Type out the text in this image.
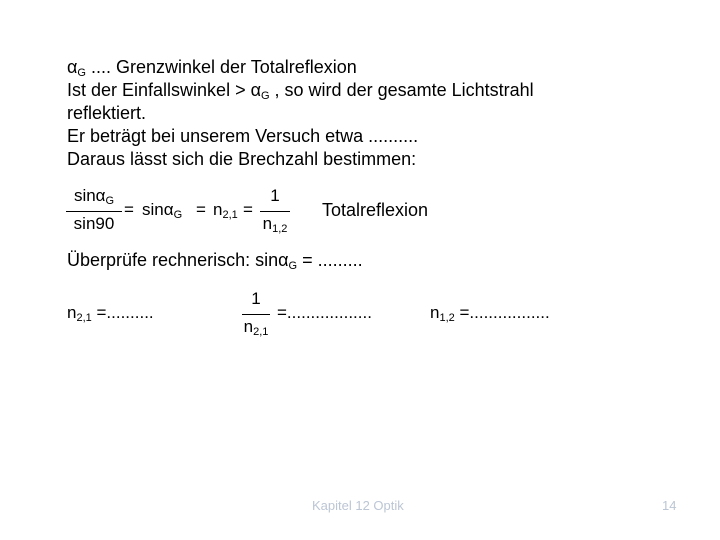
$\alpha_G$ .... Grenzwinkel der Totalreflexion
Ist der Einfallswinkel > $\alpha_G$ , so wird der gesamte Lichtstrahl
reflektiert.
Er beträgt bei unserem Versuch etwa ..........
Daraus lässt sich die Brechzahl bestimmen:
sinα$_G$
sin90
= $\sin\alpha_G = n_{2,1}$ =
1
$n_{1,2}$
Totalreflexion
Überprüfe rechnerisch: sinα$_G$ = .........
$n_{2,1}$ =..........
1
$n_{2,1}$
=..................	$n_{1,2}$ =.................
Kapitel 12 Optik	14
